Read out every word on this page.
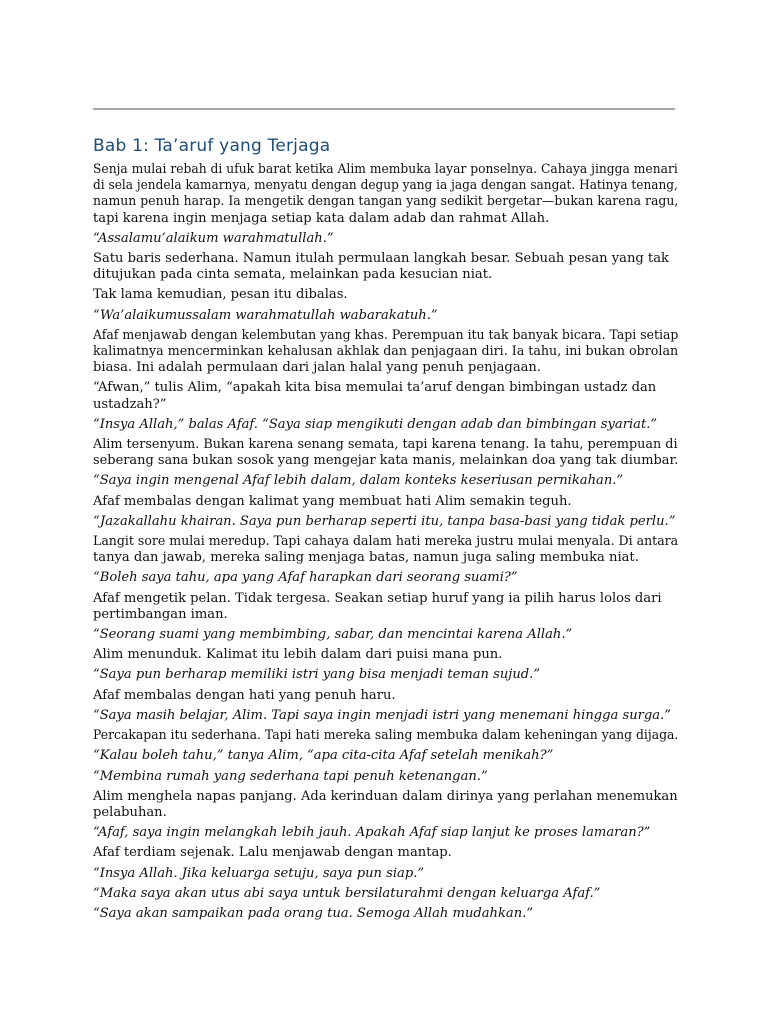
Bab 1: Ta’aruf yang Terjaga

Senja mulai rebah di ufuk barat ketika Alim membuka layar ponselnya. Cahaya jingga menari
di sela jendela kamarnya, menyatu dengan degup yang ia jaga dengan sangat. Hatinya tenang,
namun penuh harap. Ia mengetik dengan tangan yang sedikit bergetar—bukan karena ragu,
tapi karena ingin menjaga setiap kata dalam adab dan rahmat Allah.

“Assalamu’alaikum warahmatullah.”

Satu baris sederhana. Namun itulah permulaan langkah besar. Sebuah pesan yang tak
ditujukan pada cinta semata, melainkan pada kesucian niat.

Tak lama kemudian, pesan itu dibalas.

“Wa’alaikumussalam warahmatullah wabarakatuh.”

Afaf menjawab dengan kelembutan yang khas. Perempuan itu tak banyak bicara. Tapi setiap
kalimatnya mencerminkan kehalusan akhlak dan penjagaan diri. Ia tahu, ini bukan obrolan
biasa. Ini adalah permulaan dari jalan halal yang penuh penjagaan.

“Afwan,” tulis Alim, “apakah kita bisa memulai ta’aruf dengan bimbingan ustadz dan
ustadzah?”

“Insya Allah,” balas Afaf. “Saya siap mengikuti dengan adab dan bimbingan syariat.”

Alim tersenyum. Bukan karena senang semata, tapi karena tenang. Ia tahu, perempuan di
seberang sana bukan sosok yang mengejar kata manis, melainkan doa yang tak diumbar.

“Saya ingin mengenal Afaf lebih dalam, dalam konteks keseriusan pernikahan.”

Afaf membalas dengan kalimat yang membuat hati Alim semakin teguh.

“Jazakallahu khairan. Saya pun berharap seperti itu, tanpa basa-basi yang tidak perlu.”

Langit sore mulai meredup. Tapi cahaya dalam hati mereka justru mulai menyala. Di antara
tanya dan jawab, mereka saling menjaga batas, namun juga saling membuka niat.

“Boleh saya tahu, apa yang Afaf harapkan dari seorang suami?”

Afaf mengetik pelan. Tidak tergesa. Seakan setiap huruf yang ia pilih harus lolos dari
pertimbangan iman.

“Seorang suami yang membimbing, sabar, dan mencintai karena Allah.”

Alim menunduk. Kalimat itu lebih dalam dari puisi mana pun.

“Saya pun berharap memiliki istri yang bisa menjadi teman sujud.”

Afaf membalas dengan hati yang penuh haru.

“Saya masih belajar, Alim. Tapi saya ingin menjadi istri yang menemani hingga surga.”

Percakapan itu sederhana. Tapi hati mereka saling membuka dalam keheningan yang dijaga.

“Kalau boleh tahu,” tanya Alim, “apa cita-cita Afaf setelah menikah?”

“Membina rumah yang sederhana tapi penuh ketenangan.”

Alim menghela napas panjang. Ada kerinduan dalam dirinya yang perlahan menemukan
pelabuhan.

“Afaf, saya ingin melangkah lebih jauh. Apakah Afaf siap lanjut ke proses lamaran?”

Afaf terdiam sejenak. Lalu menjawab dengan mantap.

“Insya Allah. Jika keluarga setuju, saya pun siap.”

“Maka saya akan utus abi saya untuk bersilaturahmi dengan keluarga Afaf.”

“Saya akan sampaikan pada orang tua. Semoga Allah mudahkan.”
